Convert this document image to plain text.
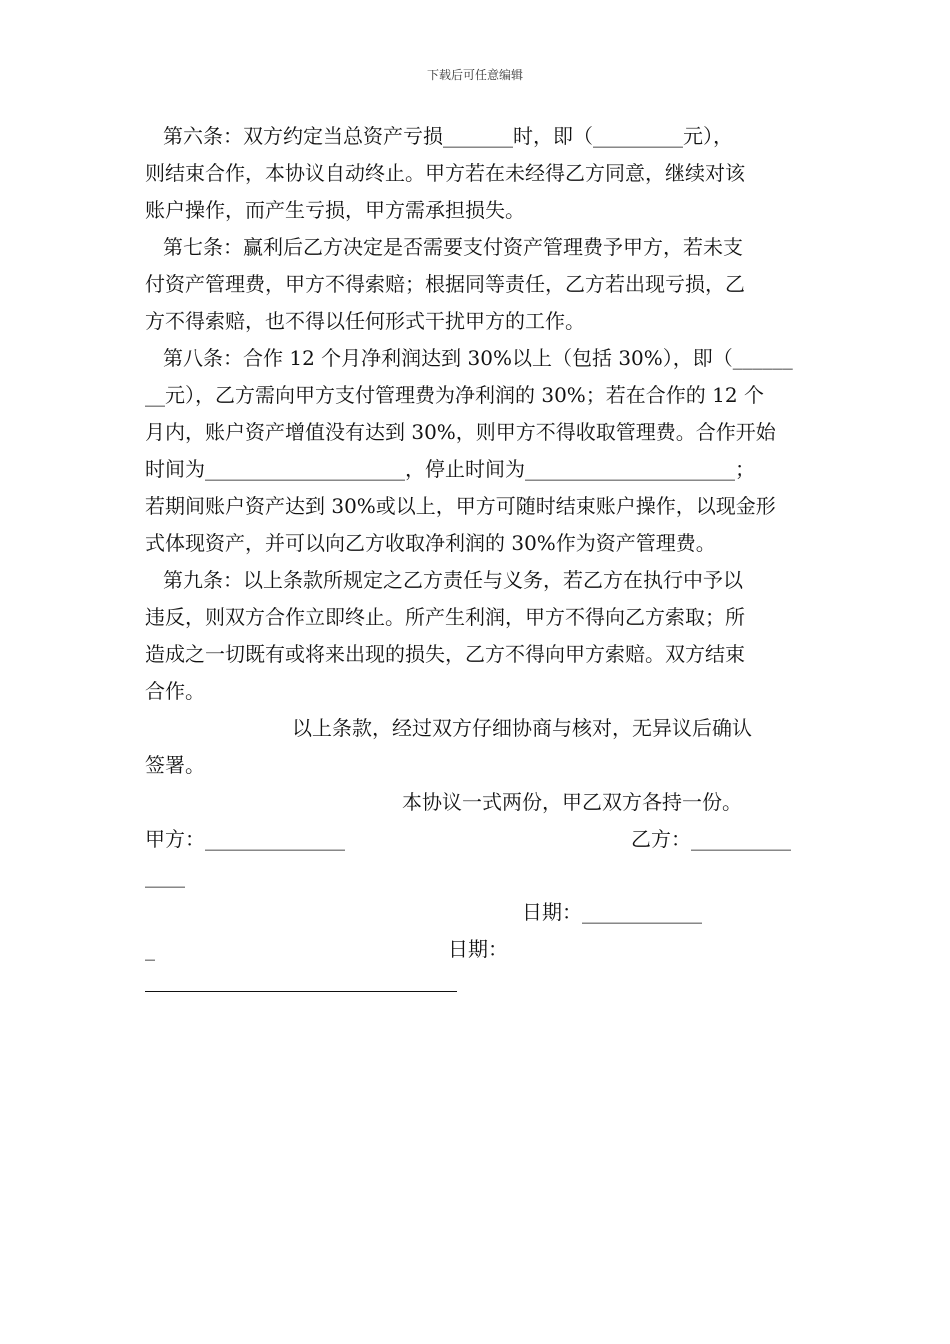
下载后可任意编辑
第六条：双方约定当总资产亏损_______时，即（_________元），
则结束合作，本协议自动终止。甲方若在未经得乙方同意，继续对该
账户操作，而产生亏损，甲方需承担损失。
第七条：赢利后乙方决定是否需要支付资产管理费予甲方，若未支
付资产管理费，甲方不得索赔；根据同等责任，乙方若出现亏损，乙
方不得索赔，也不得以任何形式干扰甲方的工作。
第八条：合作 12 个月净利润达到 30%以上（包括 30%），即（______
__元），乙方需向甲方支付管理费为净利润的 30%；若在合作的 12 个
月内，账户资产增值没有达到 30%，则甲方不得收取管理费。合作开始
时间为____________________，停止时间为_____________________；
若期间账户资产达到 30%或以上，甲方可随时结束账户操作，以现金形
式体现资产，并可以向乙方收取净利润的 30%作为资产管理费。
第九条：以上条款所规定之乙方责任与义务，若乙方在执行中予以
违反，则双方合作立即终止。所产生利润，甲方不得向乙方索取；所
造成之一切既有或将来出现的损失，乙方不得向甲方索赔。双方结束
合作。
以上条款，经过双方仔细协商与核对，无异议后确认
签署。
本协议一式两份，甲乙双方各持一份。
甲方：______________	乙方：__________
____
日期：____________
_	日期：
